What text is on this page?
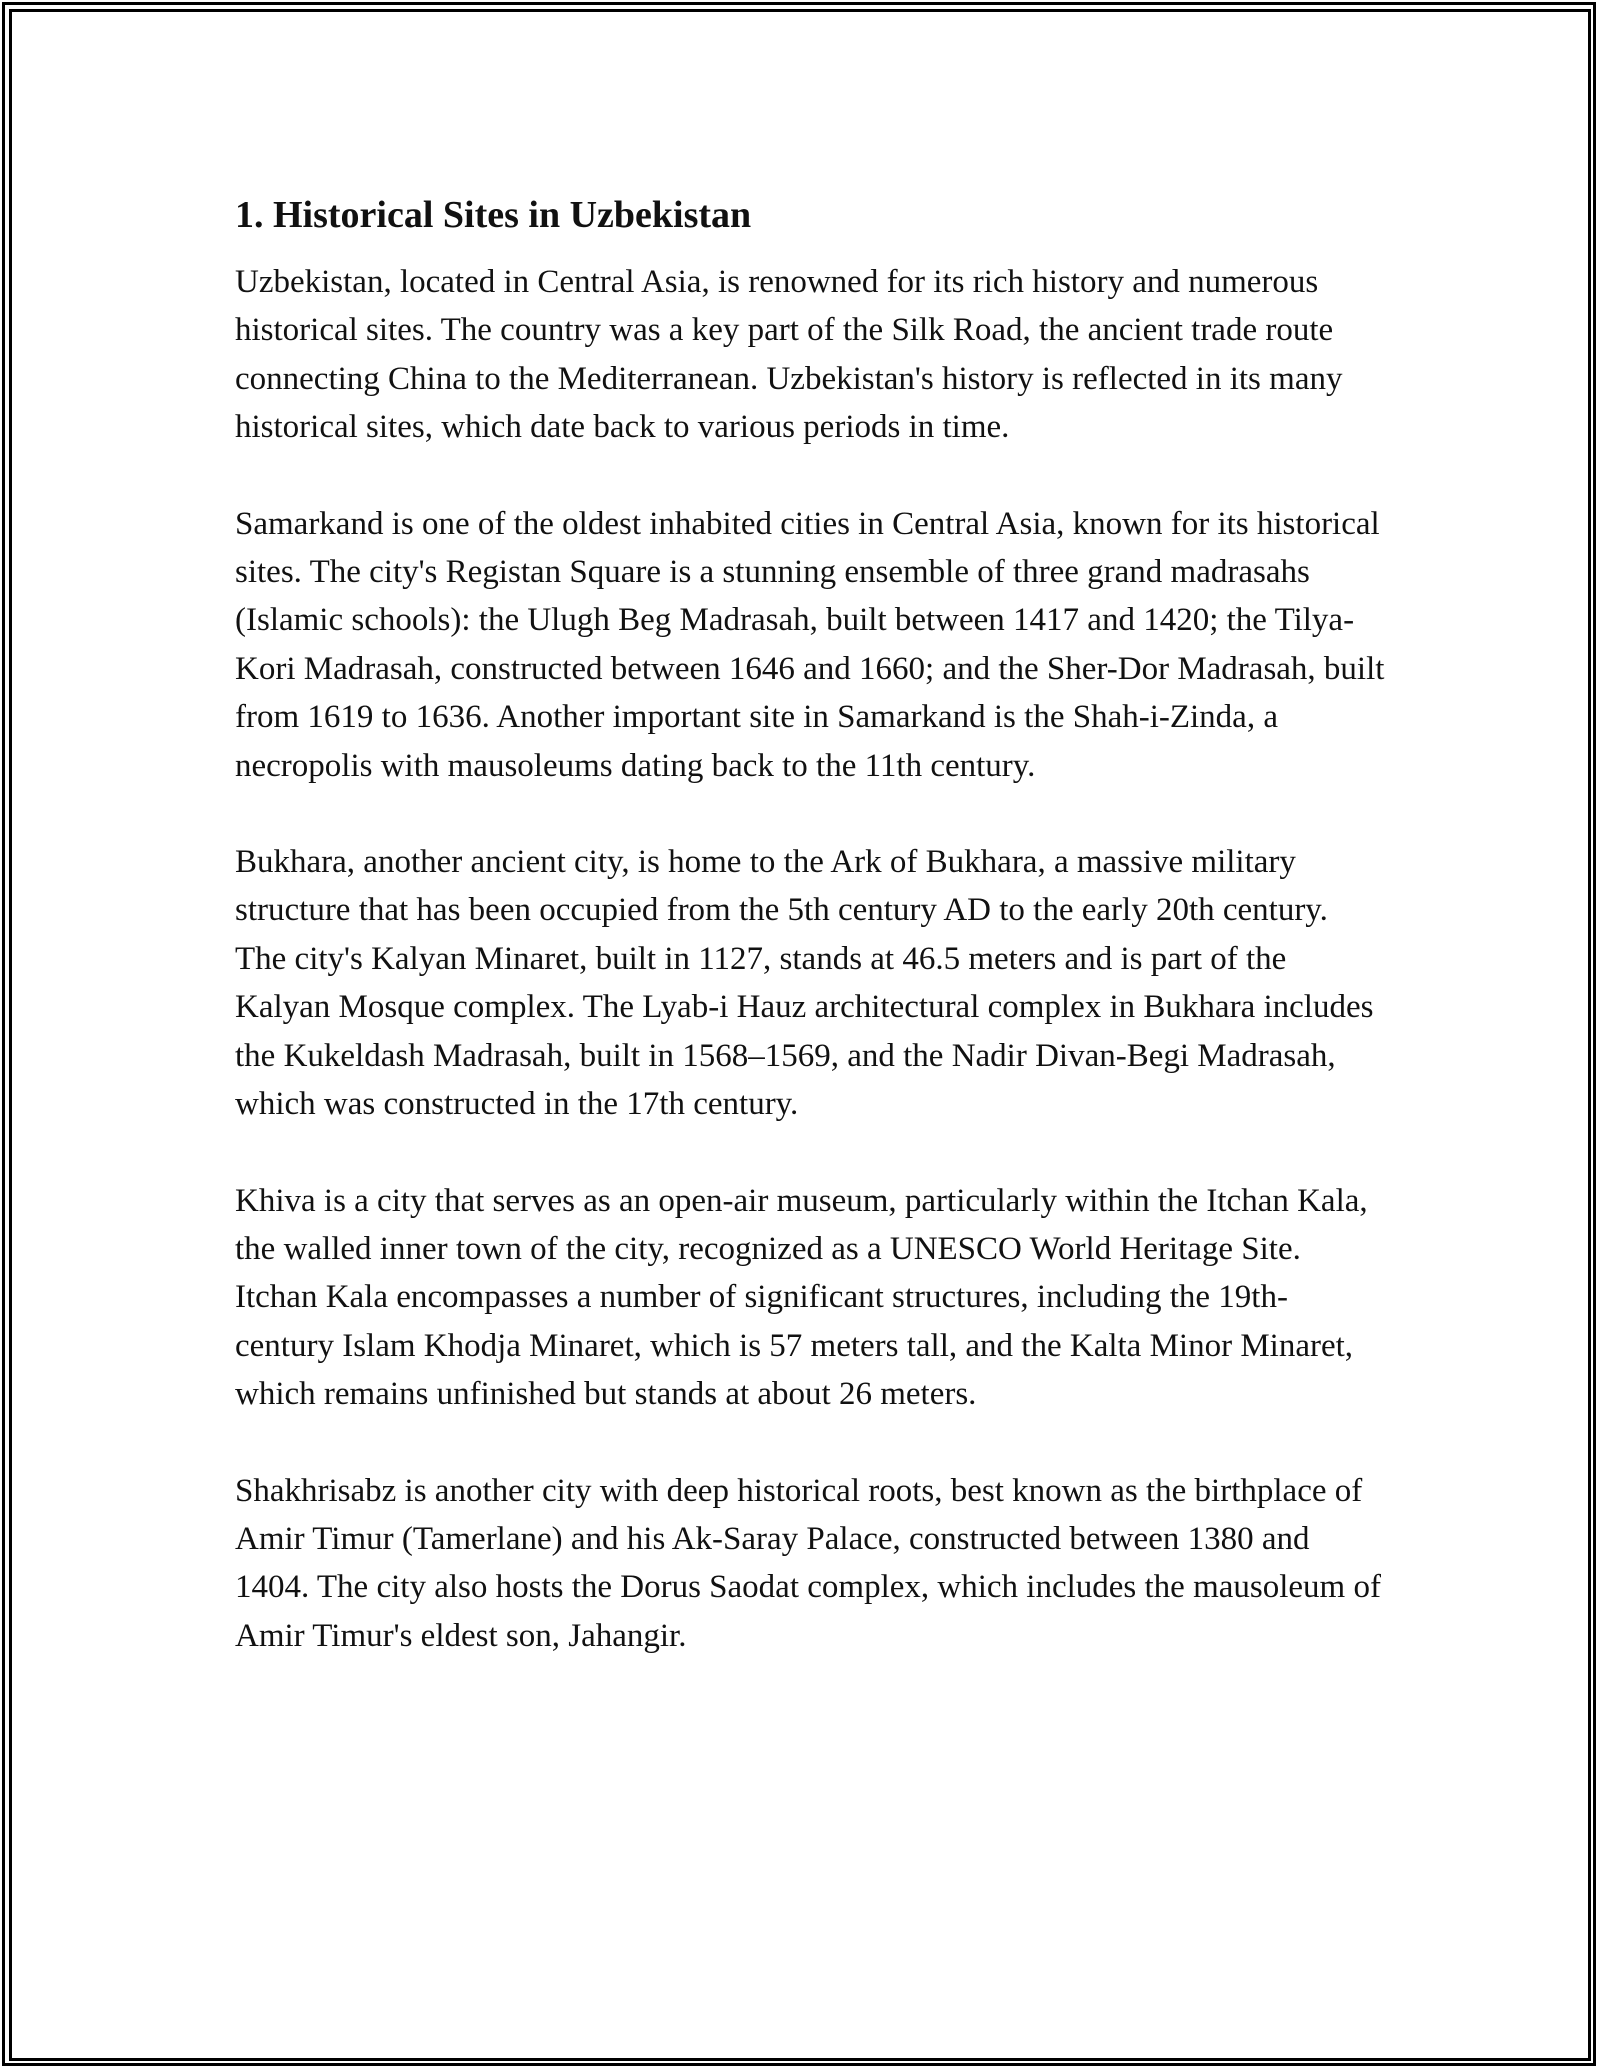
1. Historical Sites in Uzbekistan

Uzbekistan, located in Central Asia, is renowned for its rich history and numerous historical sites. The country was a key part of the Silk Road, the ancient trade route connecting China to the Mediterranean. Uzbekistan's history is reflected in its many historical sites, which date back to various periods in time.

Samarkand is one of the oldest inhabited cities in Central Asia, known for its historical sites. The city's Registan Square is a stunning ensemble of three grand madrasahs (Islamic schools): the Ulugh Beg Madrasah, built between 1417 and 1420; the Tilya-Kori Madrasah, constructed between 1646 and 1660; and the Sher-Dor Madrasah, built from 1619 to 1636. Another important site in Samarkand is the Shah-i-Zinda, a necropolis with mausoleums dating back to the 11th century.

Bukhara, another ancient city, is home to the Ark of Bukhara, a massive military structure that has been occupied from the 5th century AD to the early 20th century. The city's Kalyan Minaret, built in 1127, stands at 46.5 meters and is part of the Kalyan Mosque complex. The Lyab-i Hauz architectural complex in Bukhara includes the Kukeldash Madrasah, built in 1568–1569, and the Nadir Divan-Begi Madrasah, which was constructed in the 17th century.

Khiva is a city that serves as an open-air museum, particularly within the Itchan Kala, the walled inner town of the city, recognized as a UNESCO World Heritage Site. Itchan Kala encompasses a number of significant structures, including the 19th-century Islam Khodja Minaret, which is 57 meters tall, and the Kalta Minor Minaret, which remains unfinished but stands at about 26 meters.

Shakhrisabz is another city with deep historical roots, best known as the birthplace of Amir Timur (Tamerlane) and his Ak-Saray Palace, constructed between 1380 and 1404. The city also hosts the Dorus Saodat complex, which includes the mausoleum of Amir Timur's eldest son, Jahangir.
